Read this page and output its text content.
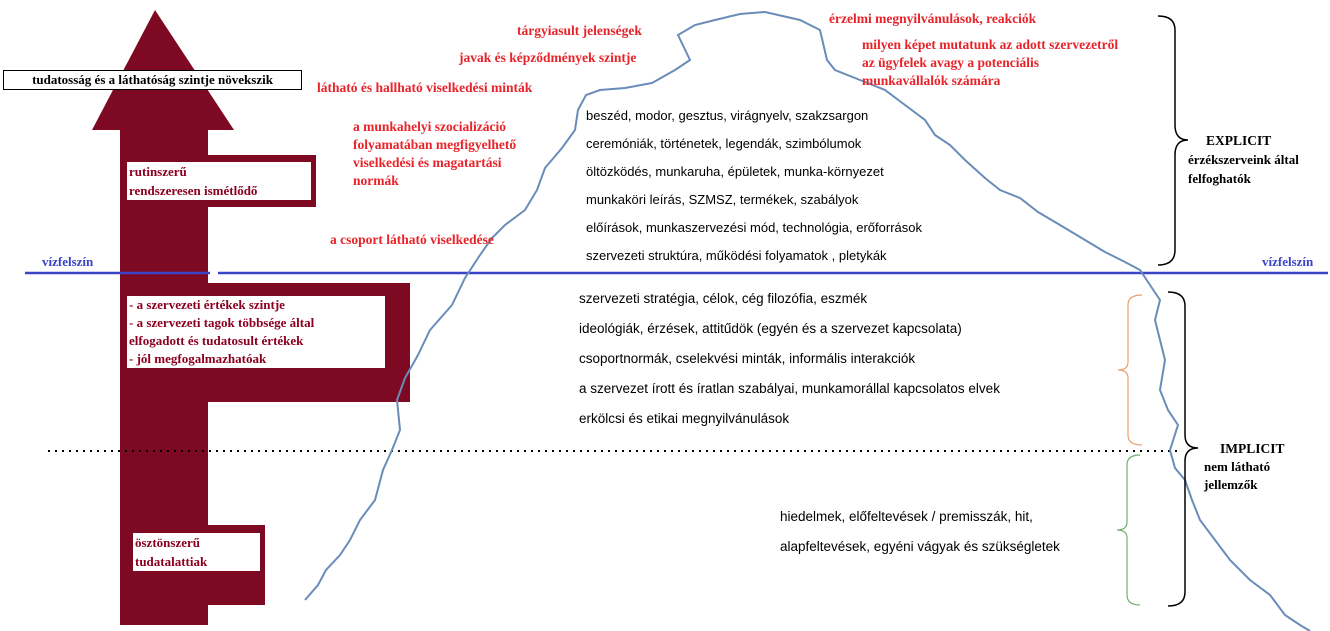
tudatosság és a láthatóság szintje növekszik
vízfelszín	vízfelszín
rutinszerű
rendszeresen ismétlődő
- a szervezeti értékek szintje
- a szervezeti tagok többsége által
elfogadott és tudatosult értékek
- jól megfogalmazhatóak
ösztönszerű
tudatalattiak
tárgyiasult jelenségek
javak és képződmények szintje
látható és hallható viselkedési minták
a munkahelyi szocializáció
folyamatában megfigyelhető
viselkedési és magatartási
normák
a csoport látható viselkedése
érzelmi megnyilvánulások, reakciók
milyen képet mutatunk az adott szervezetről
az ügyfelek avagy a potenciális
munkavállalók számára
beszéd, modor, gesztus, virágnyelv, szakzsargon
ceremóniák, történetek, legendák, szimbólumok
öltözködés, munkaruha, épületek, munka-környezet
munkaköri leírás, SZMSZ, termékek, szabályok
előírások, munkaszervezési mód, technológia, erőforrások
szervezeti struktúra, működési folyamatok , pletykák
szervezeti stratégia, célok, cég filozófia, eszmék
ideológiák, érzések, attitűdök (egyén és a szervezet kapcsolata)
csoportnormák, cselekvési minták, informális interakciók
a szervezet írott és íratlan szabályai, munkamorállal kapcsolatos elvek
erkölcsi és etikai megnyilvánulások
hiedelmek, előfeltevések / premisszák, hit,
alapfeltevések, egyéni vágyak és szükségletek
EXPLICIT
érzékszerveink által
felfoghatók
IMPLICIT
nem látható
jellemzők
